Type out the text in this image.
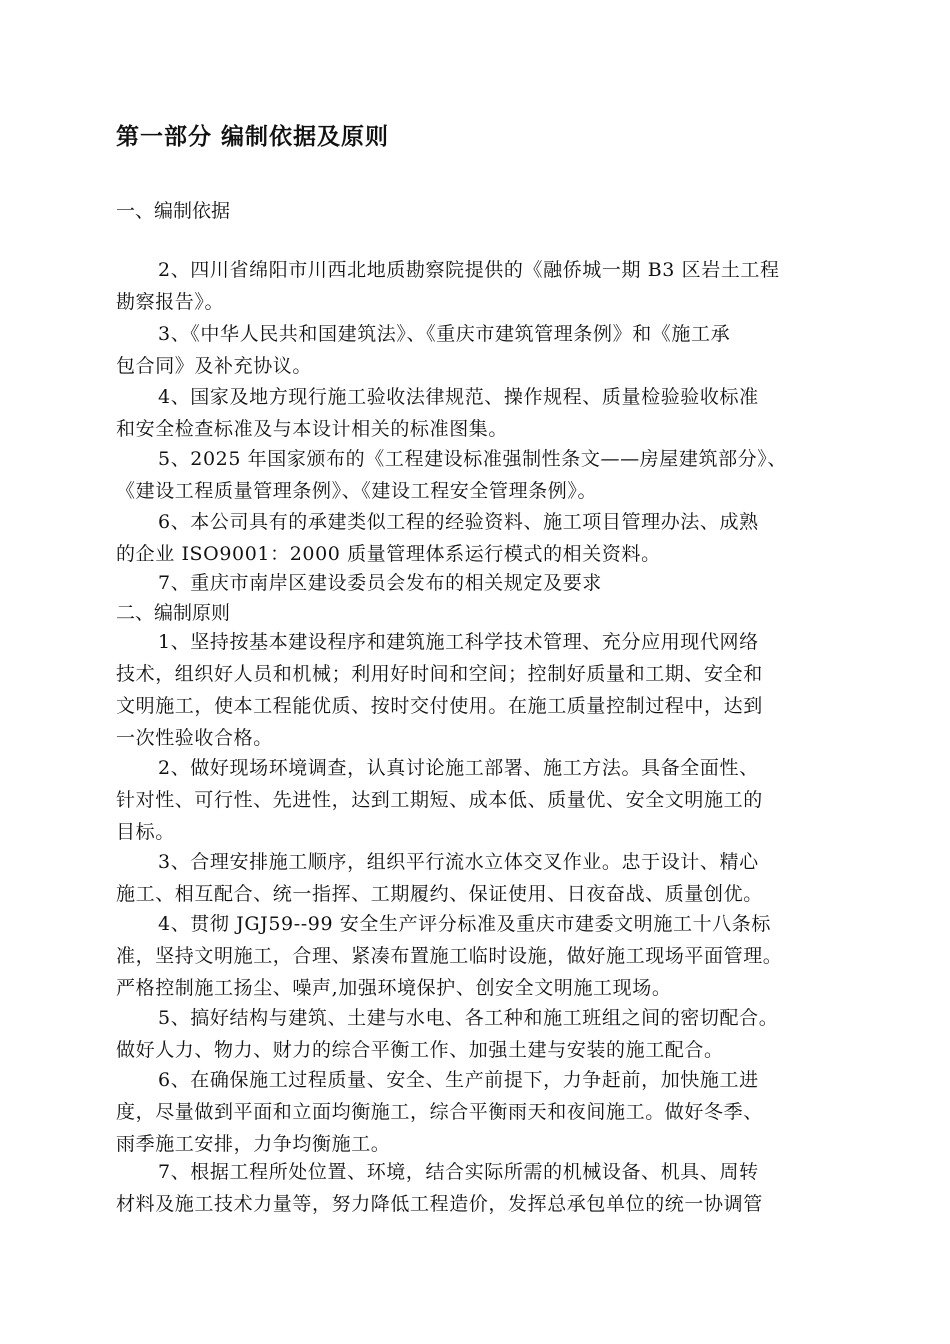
第一部分 编制依据及原则
一、编制依据
2、四川省绵阳市川西北地质勘察院提供的《融侨城一期 B3 区岩土工程
勘察报告》。
3、《中华人民共和国建筑法》、《重庆市建筑管理条例》和《施工承
包合同》及补充协议。
4、国家及地方现行施工验收法律规范、操作规程、质量检验验收标准
和安全检查标准及与本设计相关的标准图集。
5、2025 年国家颁布的《工程建设标准强制性条文——房屋建筑部分》、
《建设工程质量管理条例》、《建设工程安全管理条例》。
6、本公司具有的承建类似工程的经验资料、施工项目管理办法、成熟
的企业 ISO9001：2000 质量管理体系运行模式的相关资料。
7、重庆市南岸区建设委员会发布的相关规定及要求
二、编制原则
1、坚持按基本建设程序和建筑施工科学技术管理、充分应用现代网络
技术，组织好人员和机械；利用好时间和空间；控制好质量和工期、安全和
文明施工，使本工程能优质、按时交付使用。在施工质量控制过程中，达到
一次性验收合格。
2、做好现场环境调查，认真讨论施工部署、施工方法。具备全面性、
针对性、可行性、先进性，达到工期短、成本低、质量优、安全文明施工的
目标。
3、合理安排施工顺序，组织平行流水立体交叉作业。忠于设计、精心
施工、相互配合、统一指挥、工期履约、保证使用、日夜奋战、质量创优。
4、贯彻 JGJ59--99 安全生产评分标准及重庆市建委文明施工十八条标
准，坚持文明施工，合理、紧凑布置施工临时设施，做好施工现场平面管理。
严格控制施工扬尘、噪声,加强环境保护、创安全文明施工现场。
5、搞好结构与建筑、土建与水电、各工种和施工班组之间的密切配合。
做好人力、物力、财力的综合平衡工作、加强土建与安装的施工配合。
6、在确保施工过程质量、安全、生产前提下，力争赶前，加快施工进
度，尽量做到平面和立面均衡施工，综合平衡雨天和夜间施工。做好冬季、
雨季施工安排，力争均衡施工。
7、根据工程所处位置、环境，结合实际所需的机械设备、机具、周转
材料及施工技术力量等，努力降低工程造价，发挥总承包单位的统一协调管
